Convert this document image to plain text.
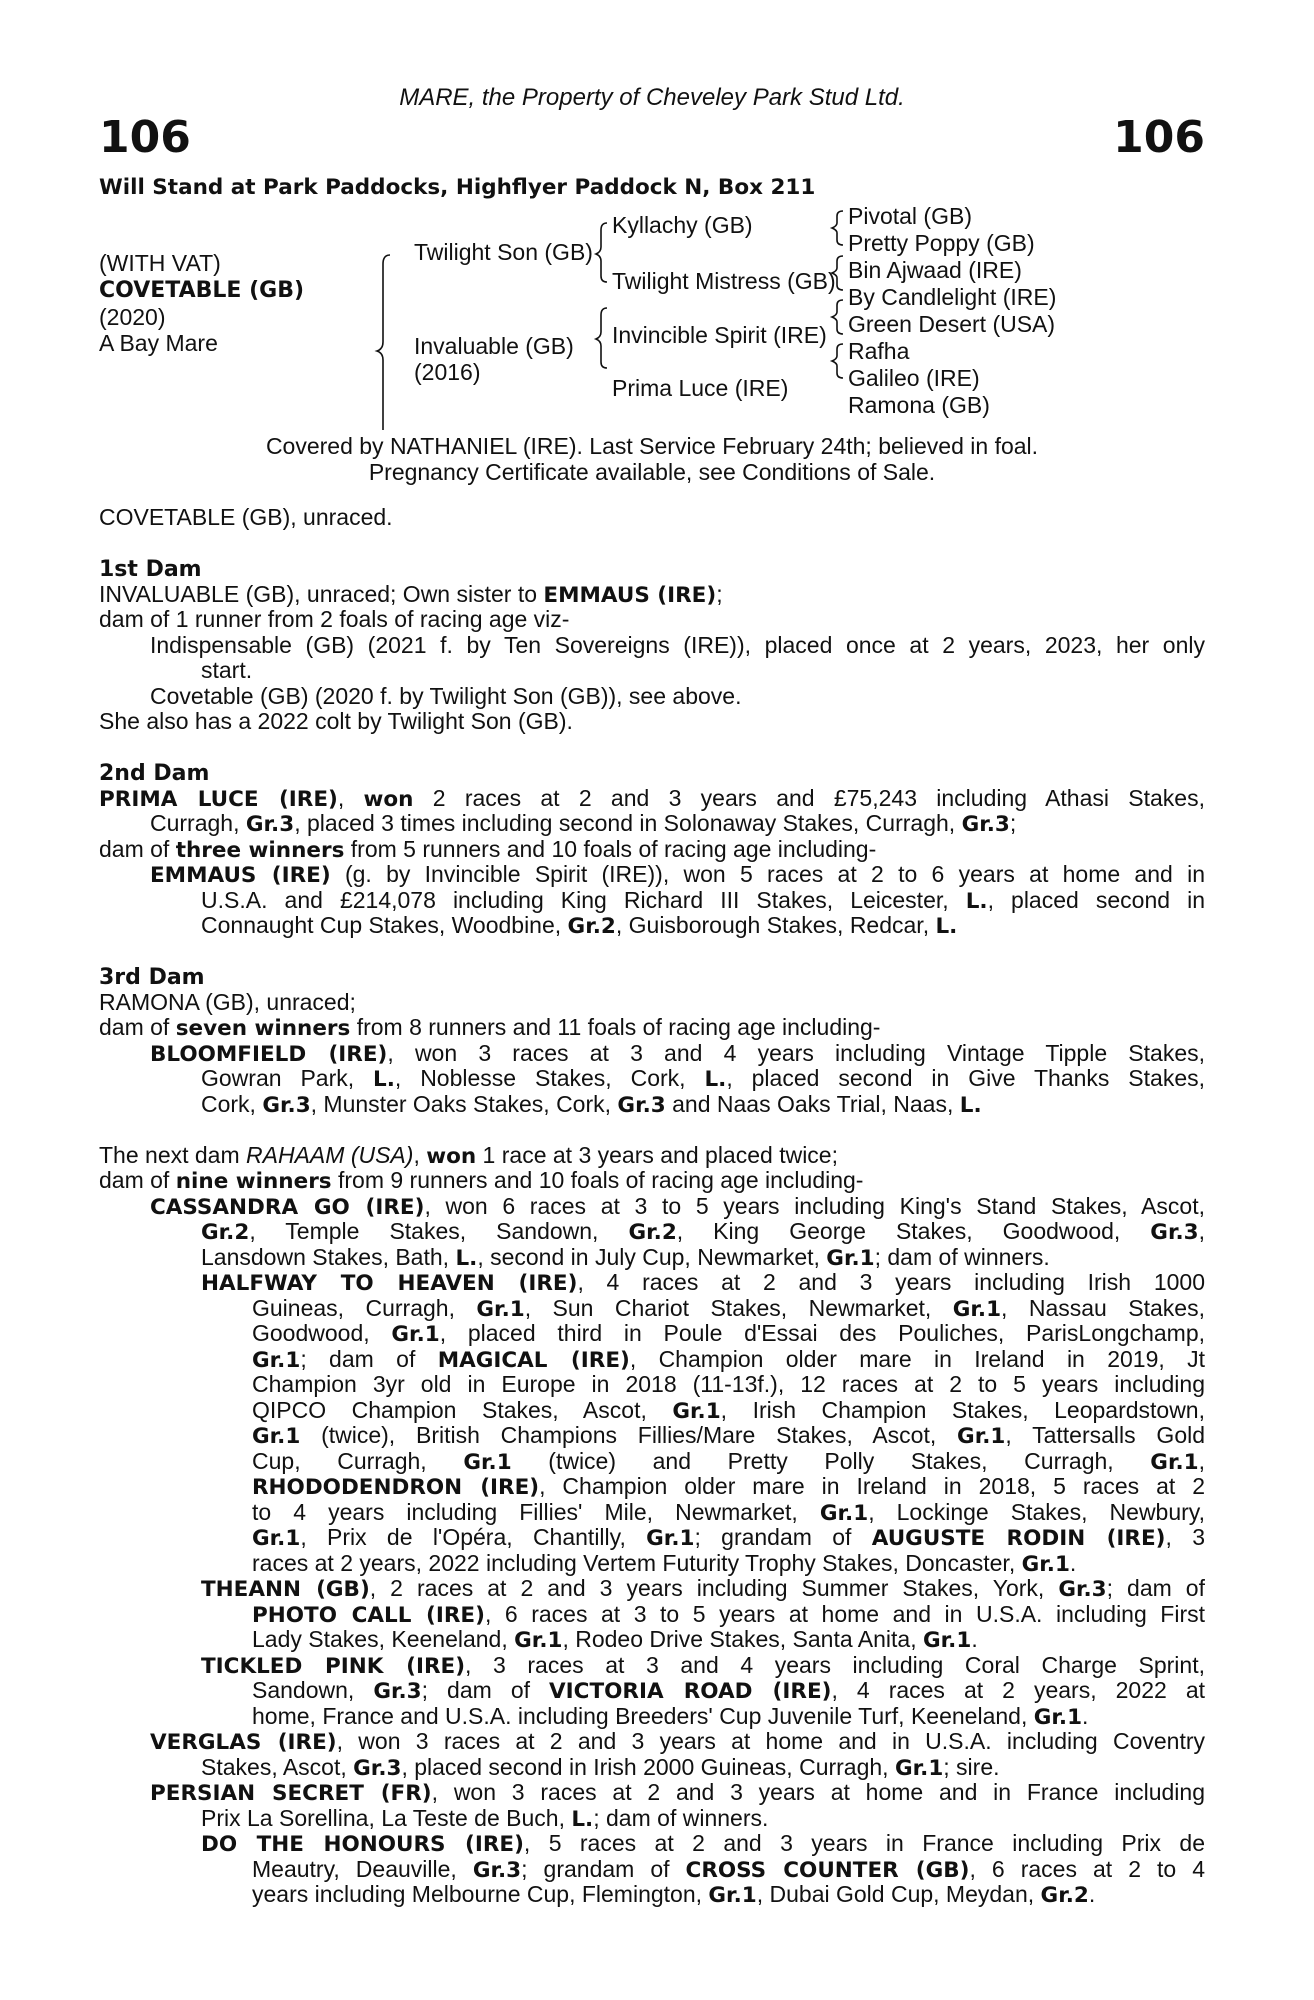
MARE, the Property of Cheveley Park Stud Ltd.
106	106
Will Stand at Park Paddocks, Highflyer Paddock N, Box 211
(WITH VAT)
COVETABLE (GB)
(2020)
A Bay Mare
Twilight Son (GB)
Invaluable (GB)
(2016)
Kyllachy (GB)
Twilight Mistress (GB)
Invincible Spirit (IRE)
Prima Luce (IRE)
Pivotal (GB)
Pretty Poppy (GB)
Bin Ajwaad (IRE)
By Candlelight (IRE)
Green Desert (USA)
Rafha
Galileo (IRE)
Ramona (GB)
Covered by NATHANIEL (IRE). Last Service February 24th; believed in foal.
Pregnancy Certificate available, see Conditions of Sale.
COVETABLE (GB), unraced.
1st Dam
INVALUABLE (GB), unraced; Own sister to EMMAUS (IRE);
dam of 1 runner from 2 foals of racing age viz-
Indispensable (GB) (2021 f. by Ten Sovereigns (IRE)), placed once at 2 years, 2023, her only
start.
Covetable (GB) (2020 f. by Twilight Son (GB)), see above.
She also has a 2022 colt by Twilight Son (GB).
2nd Dam
PRIMA LUCE (IRE), won 2 races at 2 and 3 years and £75,243 including Athasi Stakes,
Curragh, Gr.3, placed 3 times including second in Solonaway Stakes, Curragh, Gr.3;
dam of three winners from 5 runners and 10 foals of racing age including-
EMMAUS (IRE) (g. by Invincible Spirit (IRE)), won 5 races at 2 to 6 years at home and in
U.S.A. and £214,078 including King Richard III Stakes, Leicester, L., placed second in
Connaught Cup Stakes, Woodbine, Gr.2, Guisborough Stakes, Redcar, L.
3rd Dam
RAMONA (GB), unraced;
dam of seven winners from 8 runners and 11 foals of racing age including-
BLOOMFIELD (IRE), won 3 races at 3 and 4 years including Vintage Tipple Stakes,
Gowran Park, L., Noblesse Stakes, Cork, L., placed second in Give Thanks Stakes,
Cork, Gr.3, Munster Oaks Stakes, Cork, Gr.3 and Naas Oaks Trial, Naas, L.
The next dam RAHAAM (USA), won 1 race at 3 years and placed twice;
dam of nine winners from 9 runners and 10 foals of racing age including-
CASSANDRA GO (IRE), won 6 races at 3 to 5 years including King's Stand Stakes, Ascot,
Gr.2, Temple Stakes, Sandown, Gr.2, King George Stakes, Goodwood, Gr.3,
Lansdown Stakes, Bath, L., second in July Cup, Newmarket, Gr.1; dam of winners.
HALFWAY TO HEAVEN (IRE), 4 races at 2 and 3 years including Irish 1000
Guineas, Curragh, Gr.1, Sun Chariot Stakes, Newmarket, Gr.1, Nassau Stakes,
Goodwood, Gr.1, placed third in Poule d'Essai des Pouliches, ParisLongchamp,
Gr.1; dam of MAGICAL (IRE), Champion older mare in Ireland in 2019, Jt
Champion 3yr old in Europe in 2018 (11-13f.), 12 races at 2 to 5 years including
QIPCO Champion Stakes, Ascot, Gr.1, Irish Champion Stakes, Leopardstown,
Gr.1 (twice), British Champions Fillies/Mare Stakes, Ascot, Gr.1, Tattersalls Gold
Cup, Curragh, Gr.1 (twice) and Pretty Polly Stakes, Curragh, Gr.1,
RHODODENDRON (IRE), Champion older mare in Ireland in 2018, 5 races at 2
to 4 years including Fillies' Mile, Newmarket, Gr.1, Lockinge Stakes, Newbury,
Gr.1, Prix de l'Opéra, Chantilly, Gr.1; grandam of AUGUSTE RODIN (IRE), 3
races at 2 years, 2022 including Vertem Futurity Trophy Stakes, Doncaster, Gr.1.
THEANN (GB), 2 races at 2 and 3 years including Summer Stakes, York, Gr.3; dam of
PHOTO CALL (IRE), 6 races at 3 to 5 years at home and in U.S.A. including First
Lady Stakes, Keeneland, Gr.1, Rodeo Drive Stakes, Santa Anita, Gr.1.
TICKLED PINK (IRE), 3 races at 3 and 4 years including Coral Charge Sprint,
Sandown, Gr.3; dam of VICTORIA ROAD (IRE), 4 races at 2 years, 2022 at
home, France and U.S.A. including Breeders' Cup Juvenile Turf, Keeneland, Gr.1.
VERGLAS (IRE), won 3 races at 2 and 3 years at home and in U.S.A. including Coventry
Stakes, Ascot, Gr.3, placed second in Irish 2000 Guineas, Curragh, Gr.1; sire.
PERSIAN SECRET (FR), won 3 races at 2 and 3 years at home and in France including
Prix La Sorellina, La Teste de Buch, L.; dam of winners.
DO THE HONOURS (IRE), 5 races at 2 and 3 years in France including Prix de
Meautry, Deauville, Gr.3; grandam of CROSS COUNTER (GB), 6 races at 2 to 4
years including Melbourne Cup, Flemington, Gr.1, Dubai Gold Cup, Meydan, Gr.2.
